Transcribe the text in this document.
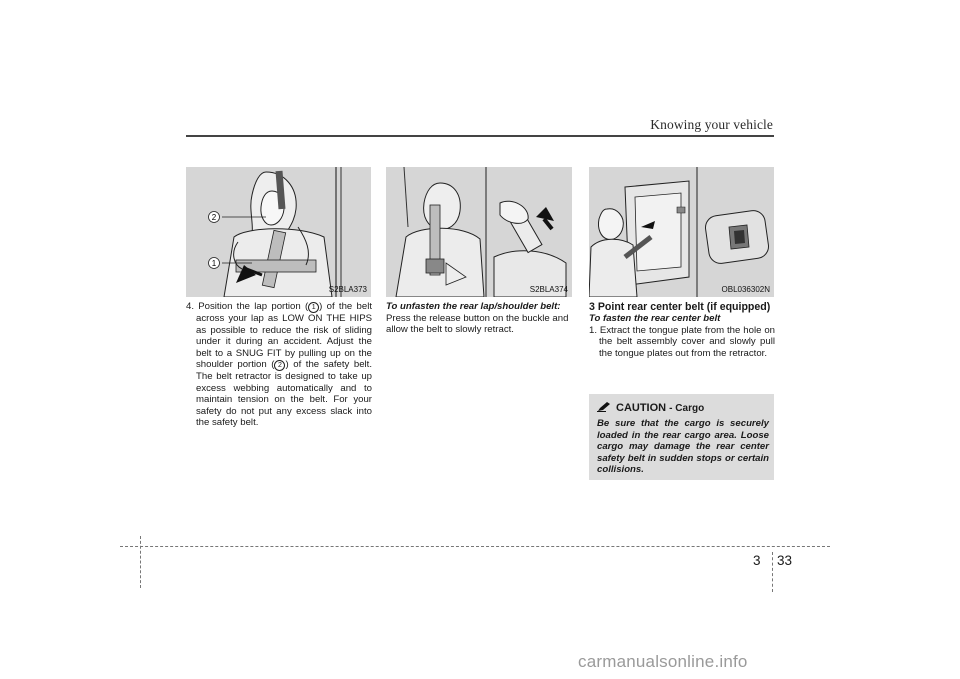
Knowing your vehicle
2
1
S2BLA373	S2BLA374	OBL036302N

4. Position the lap portion ( 1 ) of the belt across your lap as LOW ON THE HIPS as possible to reduce the risk of sliding under it during an accident. Adjust the belt to a SNUG FIT by pulling up on the shoulder portion ( 2 ) of the safety belt. The belt retractor is designed to take up excess webbing automatically and to maintain tension on the belt. For your safety do not put any excess slack into the safety belt.

To unfasten the rear lap/shoulder belt:

Press the release button on the buckle and allow the belt to slowly retract.

3 Point rear center belt (if equipped)

To fasten the rear center belt

1. Extract the tongue plate from the hole on the belt assembly cover and slowly pull the tongue plates out from the retractor.

CAUTION - Cargo
Be sure that the cargo is securely loaded in the rear cargo area. Loose cargo may damage the rear center safety belt in sudden stops or certain collisions.
3 33
carmanualsonline.info
